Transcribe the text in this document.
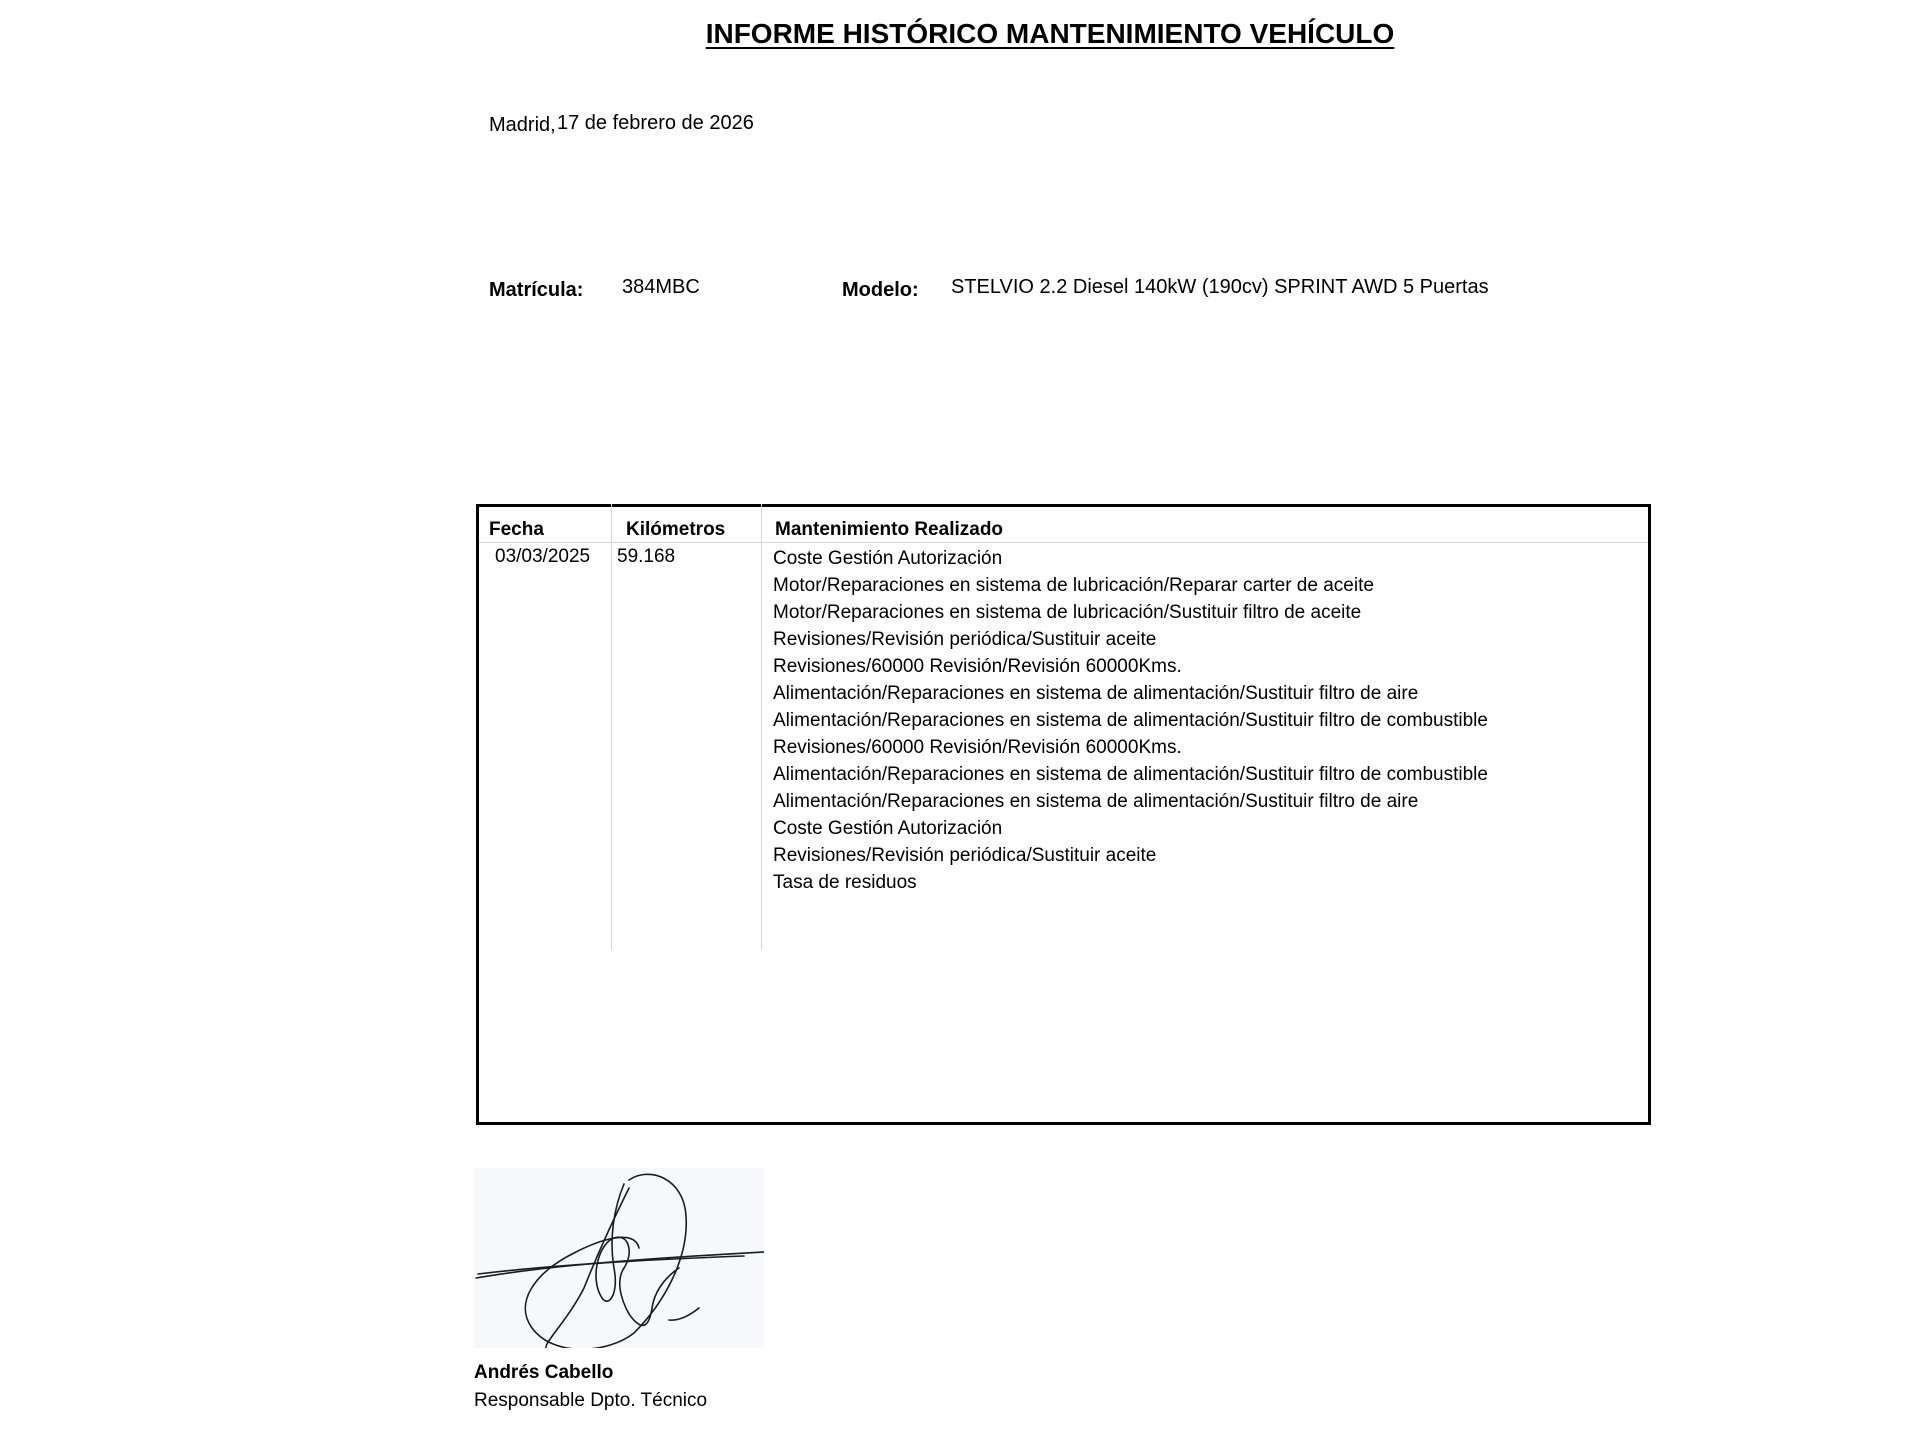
INFORME HISTÓRICO MANTENIMIENTO VEHÍCULO
Madrid, 17 de febrero de 2026
Matrícula: 384MBC	Modelo: STELVIO 2.2 Diesel 140kW (190cv) SPRINT AWD 5 Puertas
Fecha	Kilómetros	Mantenimiento Realizado
03/03/2025 59.168	Coste Gestión Autorización
Motor/Reparaciones en sistema de lubricación/Reparar carter de aceite
Motor/Reparaciones en sistema de lubricación/Sustituir filtro de aceite
Revisiones/Revisión periódica/Sustituir aceite
Revisiones/60000 Revisión/Revisión 60000Kms.
Alimentación/Reparaciones en sistema de alimentación/Sustituir filtro de aire
Alimentación/Reparaciones en sistema de alimentación/Sustituir filtro de combustible
Revisiones/60000 Revisión/Revisión 60000Kms.
Alimentación/Reparaciones en sistema de alimentación/Sustituir filtro de combustible
Alimentación/Reparaciones en sistema de alimentación/Sustituir filtro de aire
Coste Gestión Autorización
Revisiones/Revisión periódica/Sustituir aceite
Tasa de residuos
Andrés Cabello
Responsable Dpto. Técnico
